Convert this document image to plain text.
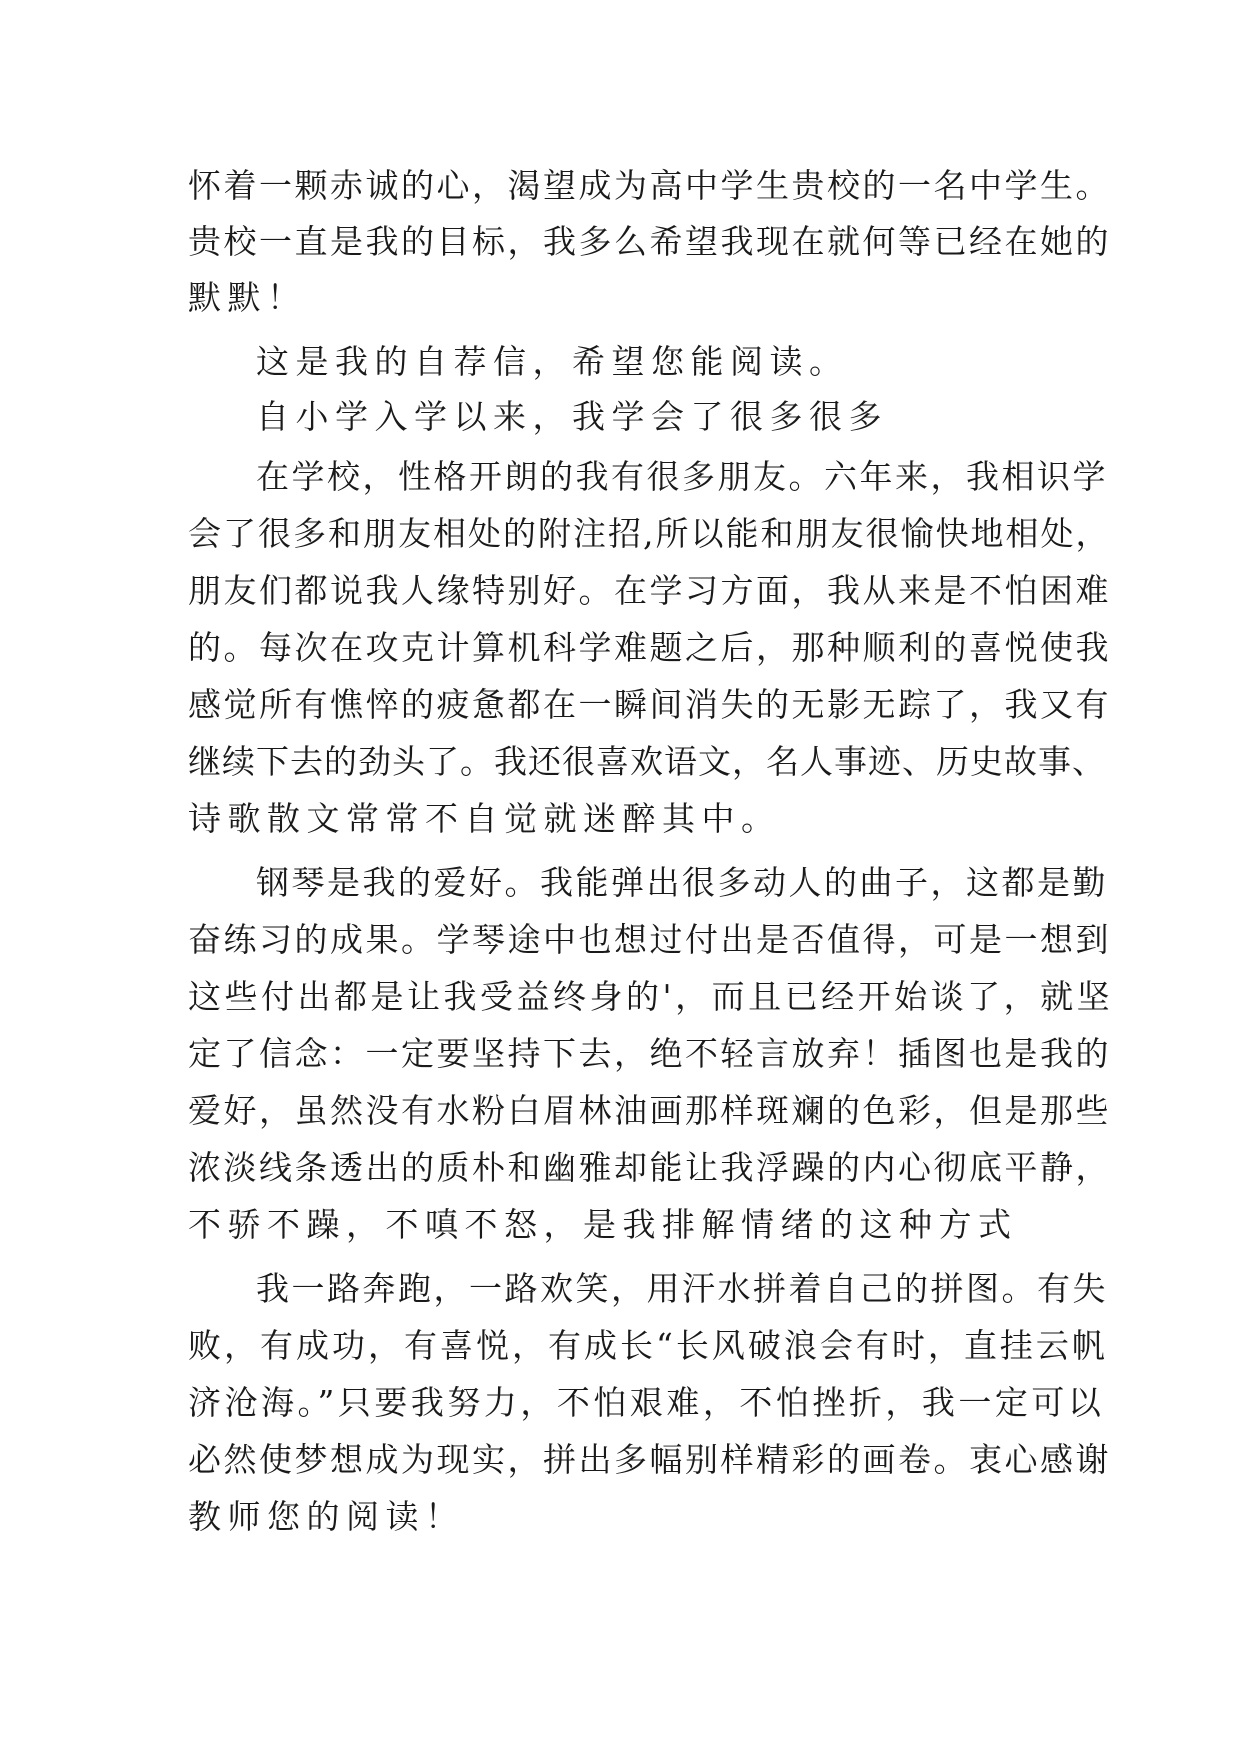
怀着一颗赤诚的心，渴望成为高中学生贵校的一名中学生。
贵校一直是我的目标，我多么希望我现在就何等已经在她的
默默！
这是我的自荐信，希望您能阅读。
自小学入学以来，我学会了很多很多
在学校，性格开朗的我有很多朋友。六年来，我相识学
会了很多和朋友相处的附注招,所以能和朋友很愉快地相处，
朋友们都说我人缘特别好。在学习方面，我从来是不怕困难
的。每次在攻克计算机科学难题之后，那种顺利的喜悦使我
感觉所有憔悴的疲惫都在一瞬间消失的无影无踪了，我又有
继续下去的劲头了。我还很喜欢语文，名人事迹、历史故事、
诗歌散文常常不自觉就迷醉其中。
钢琴是我的爱好。我能弹出很多动人的曲子，这都是勤
奋练习的成果。学琴途中也想过付出是否值得，可是一想到
这些付出都是让我受益终身的'，而且已经开始谈了，就坚
定了信念：一定要坚持下去，绝不轻言放弃！插图也是我的
爱好，虽然没有水粉白眉林油画那样斑斓的色彩，但是那些
浓淡线条透出的质朴和幽雅却能让我浮躁的内心彻底平静，
不骄不躁，不嗔不怒，是我排解情绪的这种方式
我一路奔跑，一路欢笑，用汗水拼着自己的拼图。有失
败，有成功，有喜悦，有成长“长风破浪会有时，直挂云帆
济沧海。”只要我努力，不怕艰难，不怕挫折，我一定可以
必然使梦想成为现实，拼出多幅别样精彩的画卷。衷心感谢
教师您的阅读！
